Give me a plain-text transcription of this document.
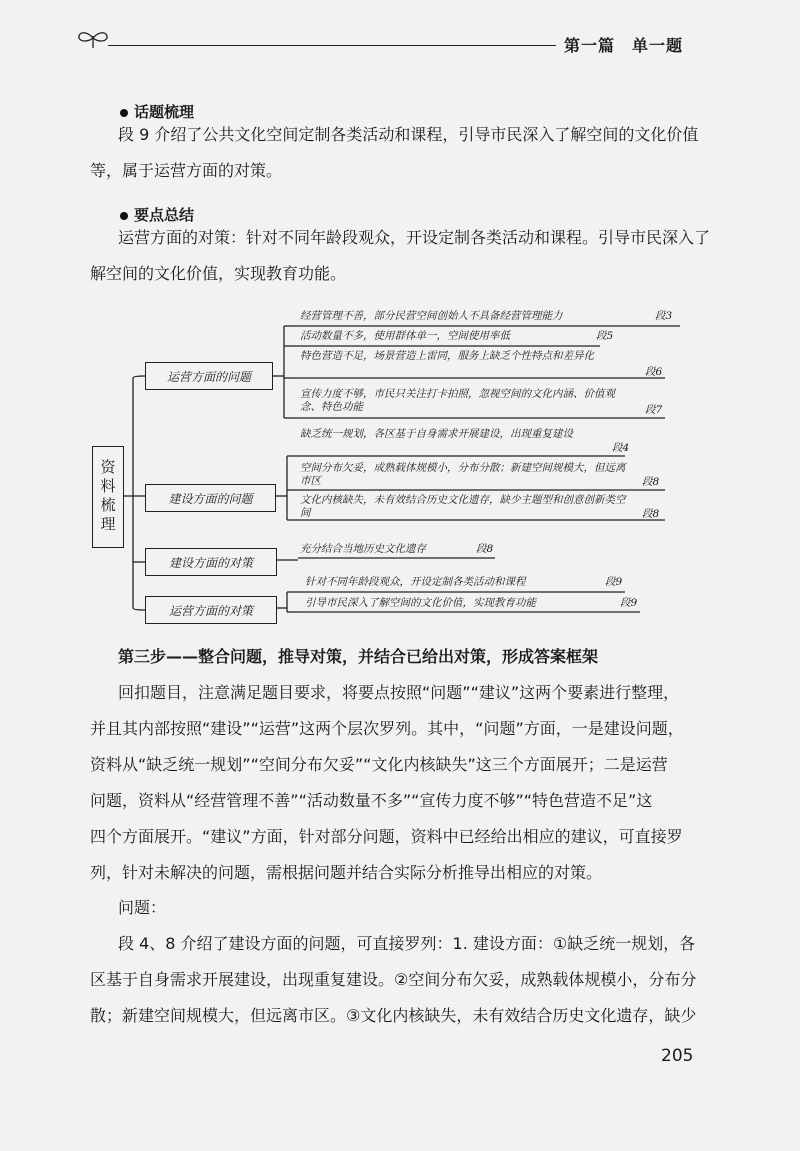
第一篇　单一题
话题梳理
段 9 介绍了公共文化空间定制各类活动和课程，引导市民深入了解空间的文化价值
等，属于运营方面的对策。
要点总结
运营方面的对策：针对不同年龄段观众，开设定制各类活动和课程。引导市民深入了
解空间的文化价值，实现教育功能。
资料梳理
运营方面的问题
建设方面的问题
建设方面的对策
运营方面的对策
经营管理不善，部分民营空间创始人不具备经营管理能力	段3
活动数量不多，使用群体单一，空间使用率低	段5
特色营造不足，场景营造上雷同，服务上缺乏个性特点和差异化
段6
宣传力度不够，市民只关注打卡拍照，忽视空间的文化内涵、价值观念、特色功能	段7
缺乏统一规划，各区基于自身需求开展建设，出现重复建设
段4
空间分布欠妥，成熟载体规模小，分布分散；新建空间规模大，但远离市区	段8
文化内核缺失，未有效结合历史文化遗存，缺少主题型和创意创新类空间	段8
充分结合当地历史文化遗存	段8
针对不同年龄段观众，开设定制各类活动和课程	段9
引导市民深入了解空间的文化价值，实现教育功能	段9
第三步——整合问题，推导对策，并结合已给出对策，形成答案框架
回扣题目，注意满足题目要求，将要点按照“问题”“建议”这两个要素进行整理，
并且其内部按照“建设”“运营”这两个层次罗列。其中，“问题”方面，一是建设问题，
资料从“缺乏统一规划”“空间分布欠妥”“文化内核缺失”这三个方面展开；二是运营
问题，资料从“经营管理不善”“活动数量不多”“宣传力度不够”“特色营造不足”这
四个方面展开。“建议”方面，针对部分问题，资料中已经给出相应的建议，可直接罗
列，针对未解决的问题，需根据问题并结合实际分析推导出相应的对策。
问题：
段 4、8 介绍了建设方面的问题，可直接罗列：1. 建设方面：①缺乏统一规划，各
区基于自身需求开展建设，出现重复建设。②空间分布欠妥，成熟载体规模小，分布分
散；新建空间规模大，但远离市区。③文化内核缺失，未有效结合历史文化遗存，缺少
205
